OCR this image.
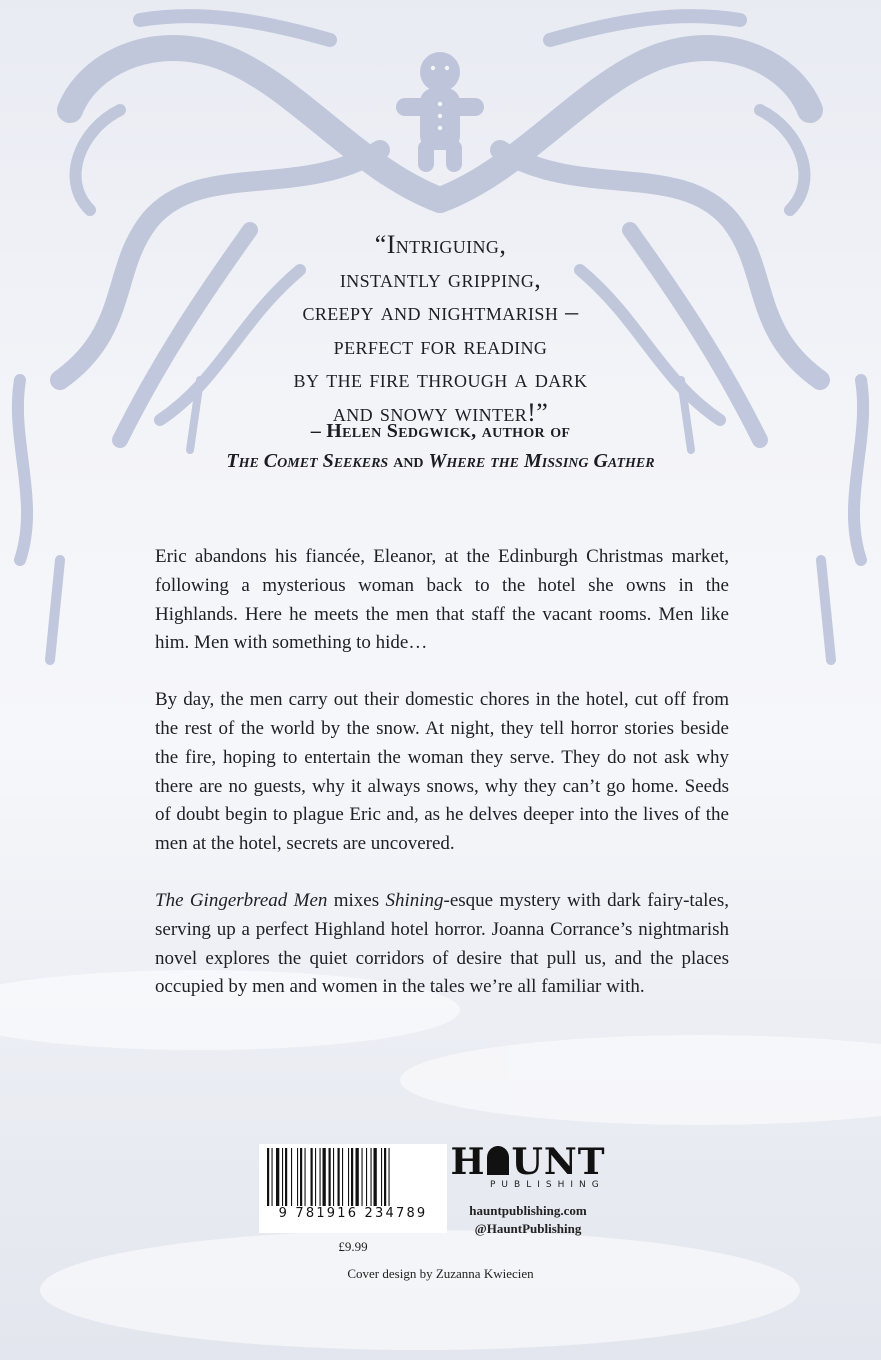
“Intriguing,
instantly gripping,
creepy and nightmarish –
perfect for reading
by the fire through a dark
and snowy winter!”
– Helen Sedgwick, author of
The Comet Seekers and Where the Missing Gather

Eric abandons his fiancée, Eleanor, at the Edinburgh Christmas market, following a mysterious woman back to the hotel she owns in the Highlands. Here he meets the men that staff the vacant rooms. Men like him. Men with something to hide…

By day, the men carry out their domestic chores in the hotel, cut off from the rest of the world by the snow. At night, they tell horror stories beside the fire, hoping to entertain the woman they serve. They do not ask why there are no guests, why it always snows, why they can’t go home. Seeds of doubt begin to plague Eric and, as he delves deeper into the lives of the men at the hotel, secrets are uncovered.

The Gingerbread Men mixes Shining-esque mystery with dark fairy-tales, serving up a perfect Highland hotel horror. Joanna Corrance’s nightmarish novel explores the quiet corridors of desire that pull us, and the places occupied by men and women in the tales we’re all familiar with.

9 781916 234789
£9.99
H UNT
PUBLISHING
hauntpublishing.com
@HauntPublishing
Cover design by Zuzanna Kwiecien
